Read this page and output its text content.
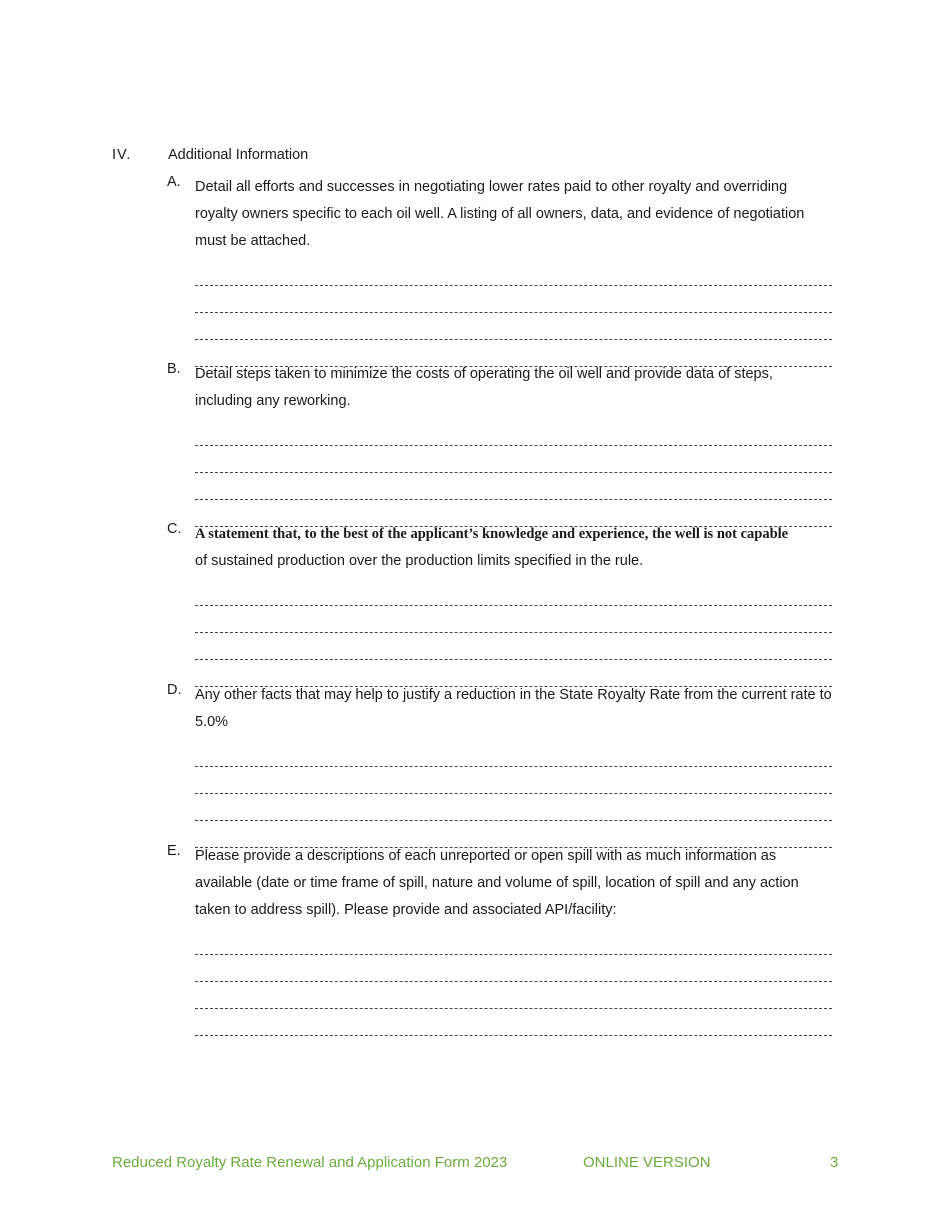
IV.	Additional Information
A. Detail all efforts and successes in negotiating lower rates paid to other royalty and overriding royalty owners specific to each oil well. A listing of all owners, data, and evidence of negotiation must be attached.
B. Detail steps taken to minimize the costs of operating the oil well and provide data of steps, including any reworking.
C. A statement that, to the best of the applicant’s knowledge and experience, the well is not capable
of sustained production over the production limits specified in the rule.
D. Any other facts that may help to justify a reduction in the State Royalty Rate from the current rate to 5.0%
E. Please provide a descriptions of each unreported or open spill with as much information as available (date or time frame of spill, nature and volume of spill, location of spill and any action taken to address spill). Please provide and associated API/facility:
Reduced Royalty Rate Renewal and Application Form 2023	ONLINE VERSION	3
